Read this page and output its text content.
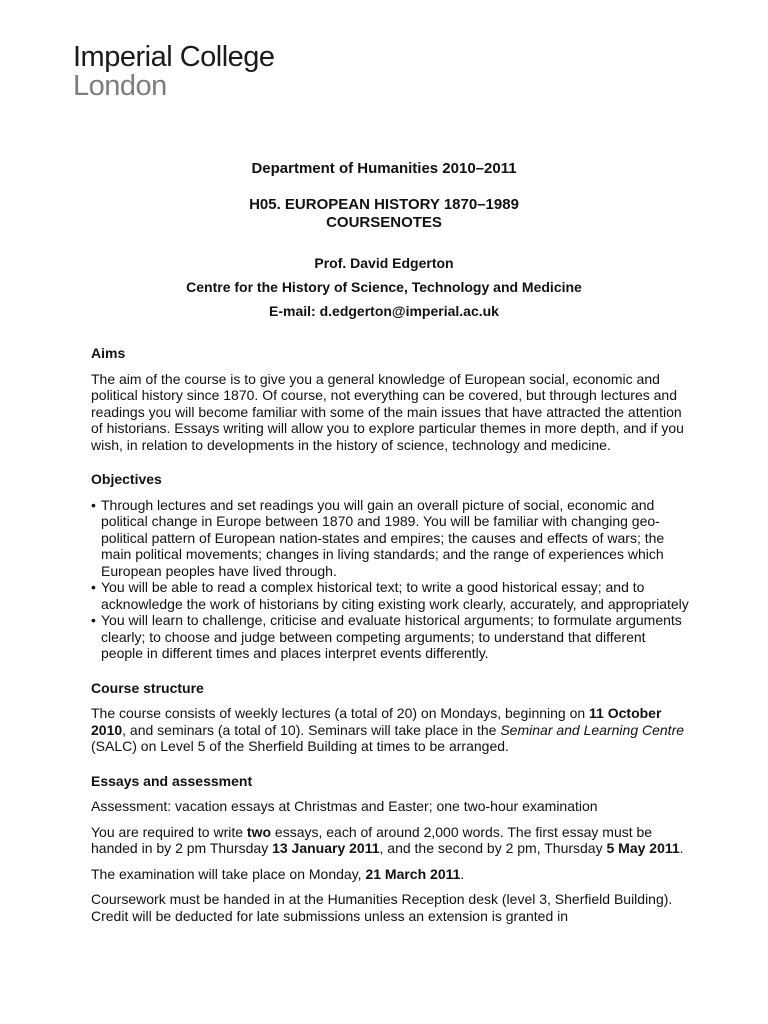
Imperial College
London
Department of Humanities 2010–2011
H05. EUROPEAN HISTORY 1870–1989
COURSENOTES
Prof. David Edgerton
Centre for the History of Science, Technology and Medicine
E-mail: d.edgerton@imperial.ac.uk
Aims

The aim of the course is to give you a general knowledge of European social, economic and political history since 1870. Of course, not everything can be covered, but through lectures and readings you will become familiar with some of the main issues that have attracted the attention of historians. Essays writing will allow you to explore particular themes in more depth, and if you wish, in relation to developments in the history of science, technology and medicine.

Objectives
• Through lectures and set readings you will gain an overall picture of social, economic and political change in Europe between 1870 and 1989. You will be familiar with changing geo-political pattern of European nation-states and empires; the causes and effects of wars; the main political movements; changes in living standards; and the range of experiences which European peoples have lived through.
• You will be able to read a complex historical text; to write a good historical essay; and to acknowledge the work of historians by citing existing work clearly, accurately, and appropriately
• You will learn to challenge, criticise and evaluate historical arguments; to formulate arguments clearly; to choose and judge between competing arguments; to understand that different people in different times and places interpret events differently.
Course structure

The course consists of weekly lectures (a total of 20) on Mondays, beginning on 11 October 2010, and seminars (a total of 10). Seminars will take place in the Seminar and Learning Centre (SALC) on Level 5 of the Sherfield Building at times to be arranged.

Essays and assessment

Assessment: vacation essays at Christmas and Easter; one two-hour examination

You are required to write two essays, each of around 2,000 words. The first essay must be handed in by 2 pm Thursday 13 January 2011, and the second by 2 pm, Thursday 5 May 2011.

The examination will take place on Monday, 21 March 2011.

Coursework must be handed in at the Humanities Reception desk (level 3, Sherfield Building). Credit will be deducted for late submissions unless an extension is granted in
